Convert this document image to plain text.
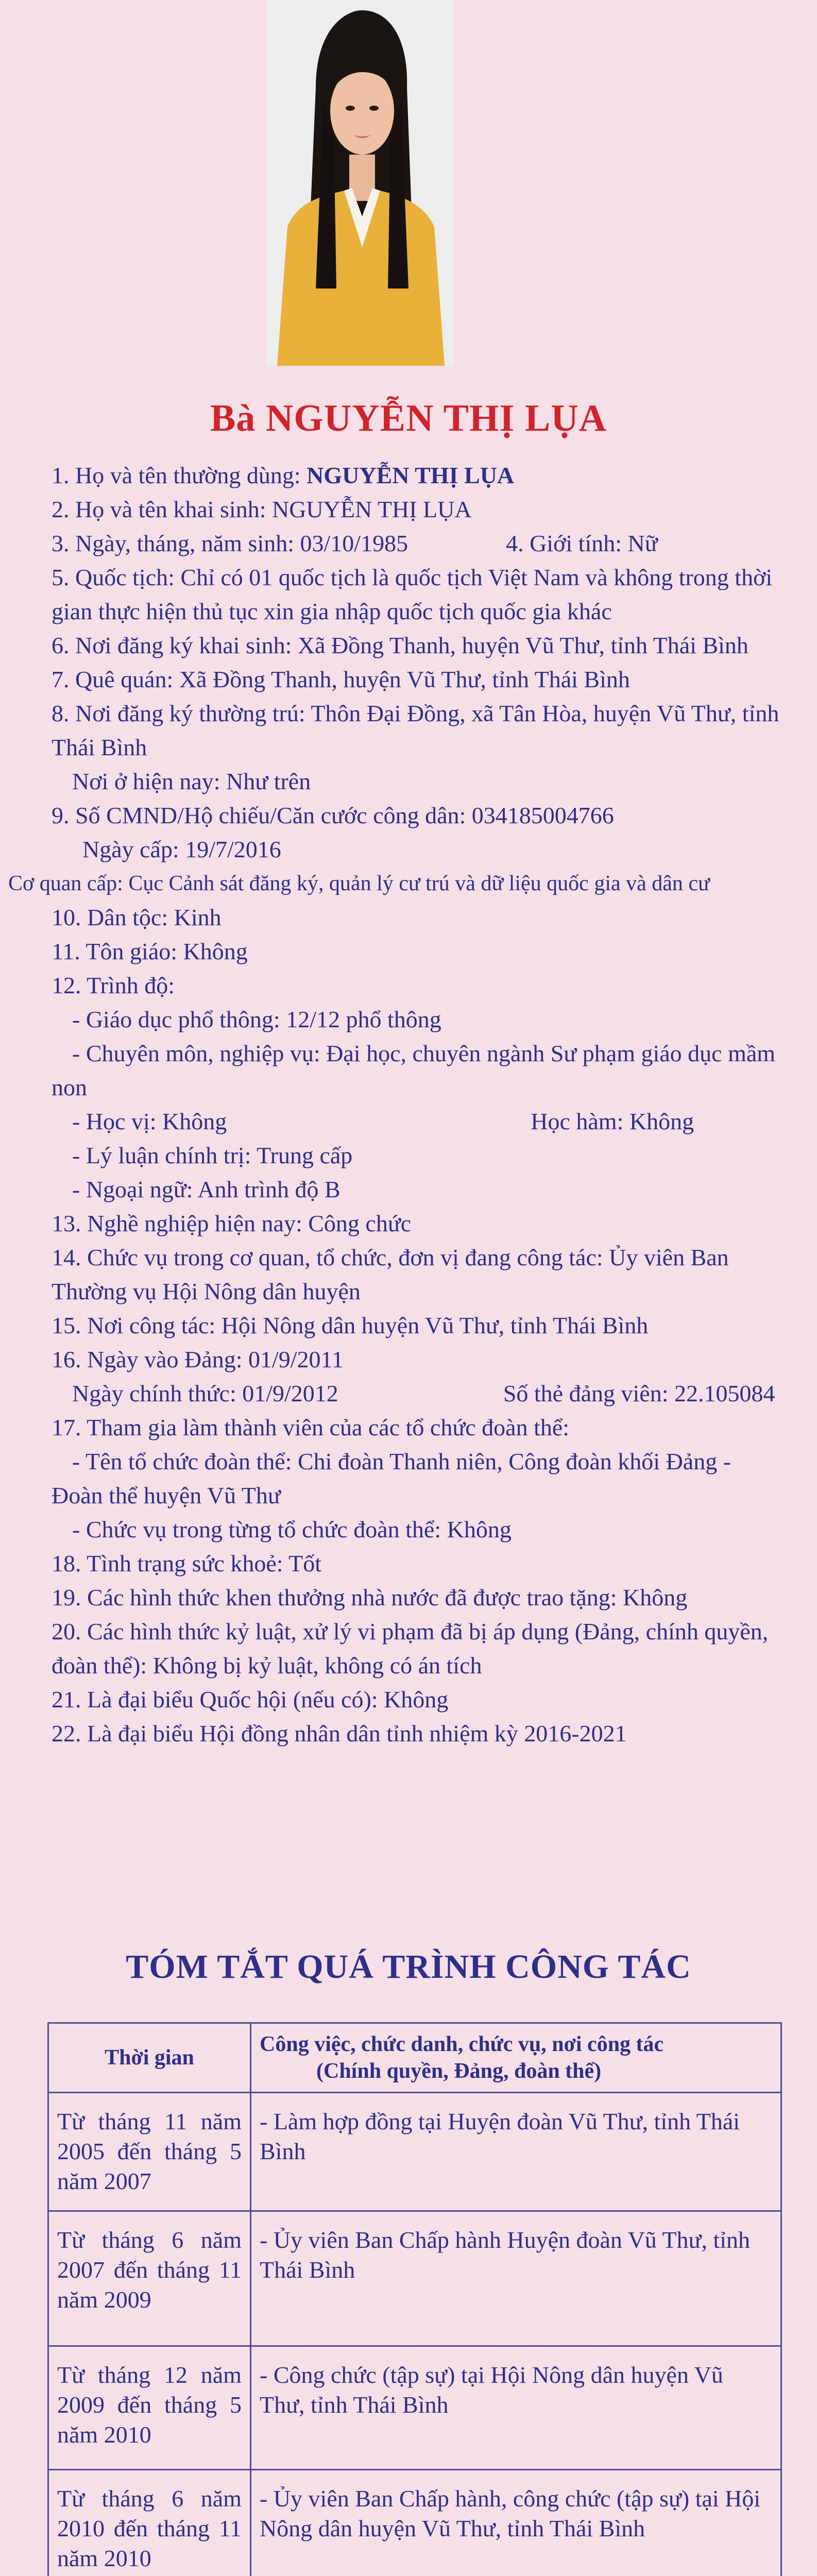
Bà NGUYỄN THỊ LỤA
1. Họ và tên thường dùng: NGUYỄN THỊ LỤA
2. Họ và tên khai sinh: NGUYỄN THỊ LỤA
3. Ngày, tháng, năm sinh: 03/10/1985	4. Giới tính: Nữ
5. Quốc tịch: Chỉ có 01 quốc tịch là quốc tịch Việt Nam và không trong thời gian thực hiện thủ tục xin gia nhập quốc tịch quốc gia khác
6. Nơi đăng ký khai sinh: Xã Đồng Thanh, huyện Vũ Thư, tỉnh Thái Bình
7. Quê quán: Xã Đồng Thanh, huyện Vũ Thư, tỉnh Thái Bình
8. Nơi đăng ký thường trú: Thôn Đại Đồng, xã Tân Hòa, huyện Vũ Thư, tỉnh Thái Bình
Nơi ở hiện nay: Như trên
9. Số CMND/Hộ chiếu/Căn cước công dân: 034185004766
Ngày cấp: 19/7/2016
Cơ quan cấp: Cục Cảnh sát đăng ký, quản lý cư trú và dữ liệu quốc gia và dân cư
10. Dân tộc: Kinh
11. Tôn giáo: Không
12. Trình độ:
- Giáo dục phổ thông: 12/12 phổ thông
- Chuyên môn, nghiệp vụ: Đại học, chuyên ngành Sư phạm giáo dục mầm non
- Học vị: Không	Học hàm: Không
- Lý luận chính trị: Trung cấp
- Ngoại ngữ: Anh trình độ B
13. Nghề nghiệp hiện nay: Công chức
14. Chức vụ trong cơ quan, tổ chức, đơn vị đang công tác: Ủy viên Ban Thường vụ Hội Nông dân huyện
15. Nơi công tác: Hội Nông dân huyện Vũ Thư, tỉnh Thái Bình
16. Ngày vào Đảng: 01/9/2011
Ngày chính thức: 01/9/2012	Số thẻ đảng viên: 22.105084
17. Tham gia làm thành viên của các tổ chức đoàn thể:
- Tên tổ chức đoàn thể: Chi đoàn Thanh niên, Công đoàn khối Đảng - Đoàn thể huyện Vũ Thư
- Chức vụ trong từng tổ chức đoàn thể: Không
18. Tình trạng sức khoẻ: Tốt
19. Các hình thức khen thưởng nhà nước đã được trao tặng: Không
20. Các hình thức kỷ luật, xử lý vi phạm đã bị áp dụng (Đảng, chính quyền, đoàn thể): Không bị kỷ luật, không có án tích
21. Là đại biểu Quốc hội (nếu có): Không
22. Là đại biểu Hội đồng nhân dân tỉnh nhiệm kỳ 2016-2021
TÓM TẮT QUÁ TRÌNH CÔNG TÁC
Thời gian	Công việc, chức danh, chức vụ, nơi công tác
(Chính quyền, Đảng, đoàn thể)

Từ tháng 11 năm 2005 đến tháng 5 năm 2007	- Làm hợp đồng tại Huyện đoàn Vũ Thư, tỉnh Thái Bình
Từ tháng 6 năm 2007 đến tháng 11 năm 2009	- Ủy viên Ban Chấp hành Huyện đoàn Vũ Thư, tỉnh Thái Bình
Từ tháng 12 năm 2009 đến tháng 5 năm 2010	- Công chức (tập sự) tại Hội Nông dân huyện Vũ Thư, tỉnh Thái Bình
Từ tháng 6 năm 2010 đến tháng 11 năm 2010	- Ủy viên Ban Chấp hành, công chức (tập sự) tại Hội Nông dân huyện Vũ Thư, tỉnh Thái Bình
